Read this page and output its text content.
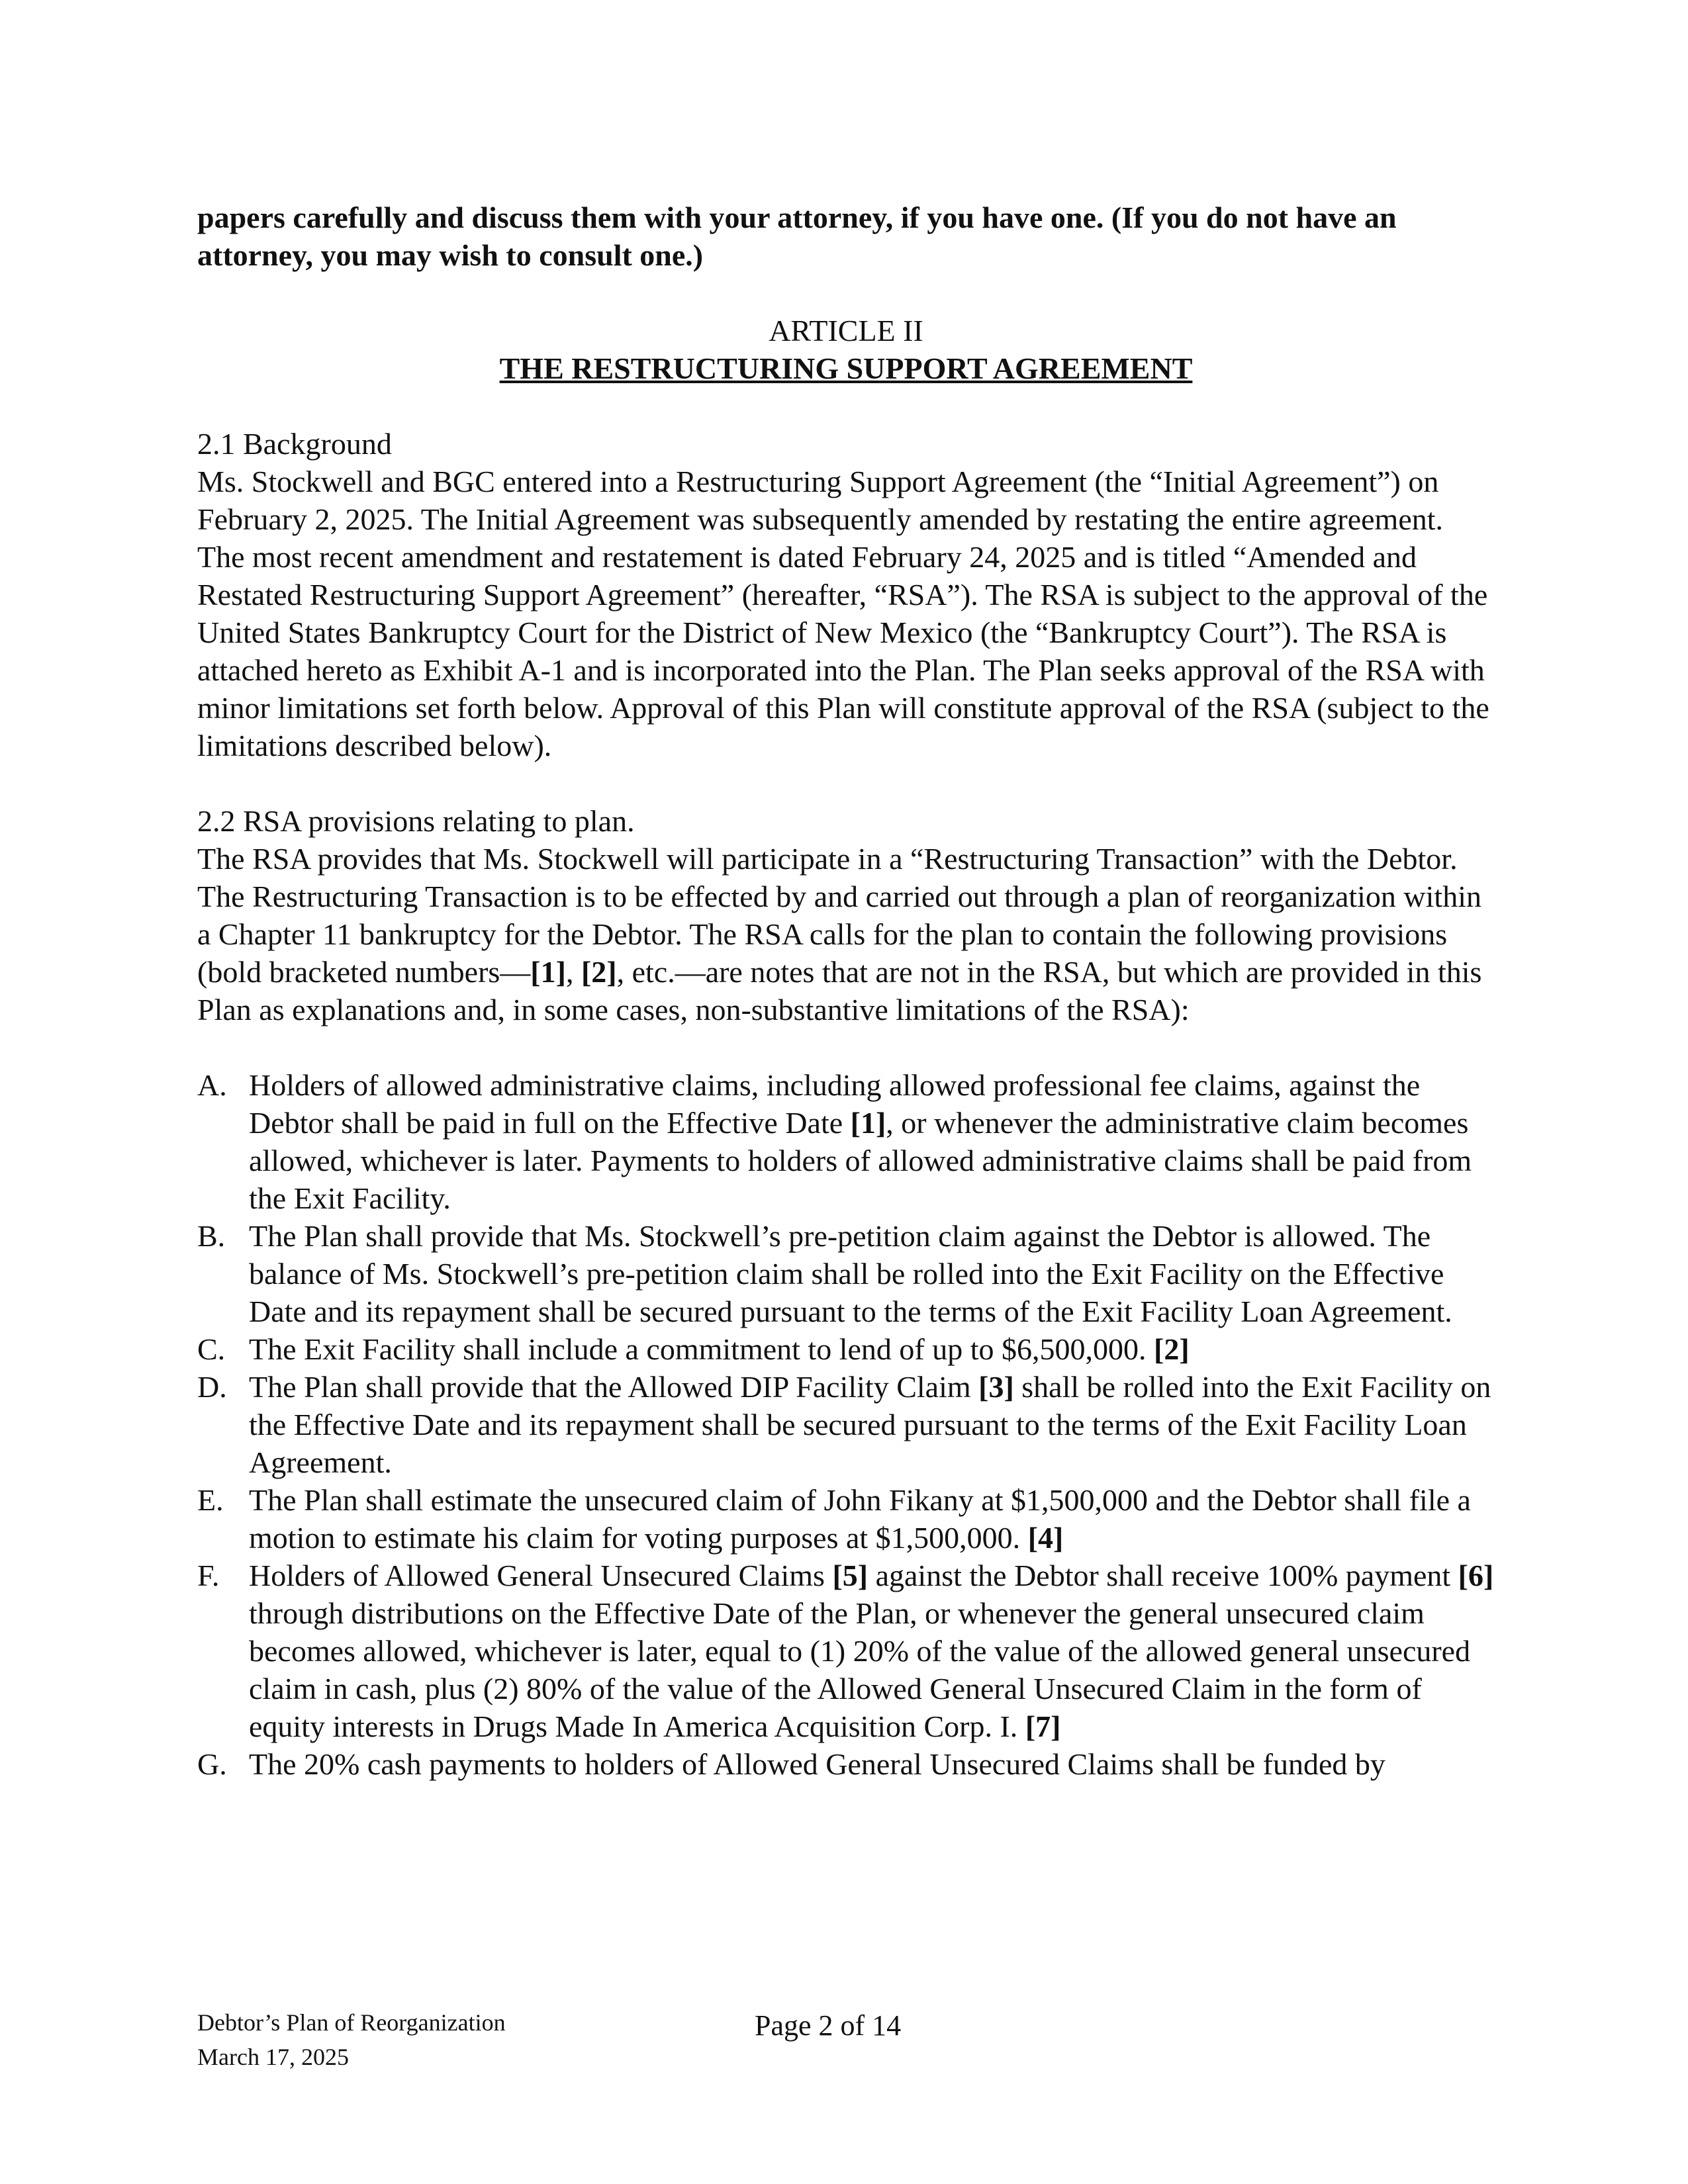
papers carefully and discuss them with your attorney, if you have one. (If you do not have an attorney, you may wish to consult one.)

ARTICLE II
THE RESTRUCTURING SUPPORT AGREEMENT
2.1 Background

Ms. Stockwell and BGC entered into a Restructuring Support Agreement (the “Initial Agreement”) on February 2, 2025. The Initial Agreement was subsequently amended by restating the entire agreement. The most recent amendment and restatement is dated February 24, 2025 and is titled “Amended and Restated Restructuring Support Agreement” (hereafter, “RSA”). The RSA is subject to the approval of the United States Bankruptcy Court for the District of New Mexico (the “Bankruptcy Court”). The RSA is attached hereto as Exhibit A-1 and is incorporated into the Plan. The Plan seeks approval of the RSA with minor limitations set forth below. Approval of this Plan will constitute approval of the RSA (subject to the limitations described below).

2.2 RSA provisions relating to plan.

The RSA provides that Ms. Stockwell will participate in a “Restructuring Transaction” with the Debtor. The Restructuring Transaction is to be effected by and carried out through a plan of reorganization within a Chapter 11 bankruptcy for the Debtor. The RSA calls for the plan to contain the following provisions (bold bracketed numbers—[1], [2], etc.—are notes that are not in the RSA, but which are provided in this Plan as explanations and, in some cases, non-substantive limitations of the RSA):

A. Holders of allowed administrative claims, including allowed professional fee claims, against the Debtor shall be paid in full on the Effective Date [1], or whenever the administrative claim becomes allowed, whichever is later. Payments to holders of allowed administrative claims shall be paid from the Exit Facility.
B. The Plan shall provide that Ms. Stockwell’s pre-petition claim against the Debtor is allowed. The balance of Ms. Stockwell’s pre-petition claim shall be rolled into the Exit Facility on the Effective Date and its repayment shall be secured pursuant to the terms of the Exit Facility Loan Agreement.
C. The Exit Facility shall include a commitment to lend of up to $6,500,000. [2]
D. The Plan shall provide that the Allowed DIP Facility Claim [3] shall be rolled into the Exit Facility on the Effective Date and its repayment shall be secured pursuant to the terms of the Exit Facility Loan Agreement.
E. The Plan shall estimate the unsecured claim of John Fikany at $1,500,000 and the Debtor shall file a motion to estimate his claim for voting purposes at $1,500,000. [4]
F. Holders of Allowed General Unsecured Claims [5] against the Debtor shall receive 100% payment [6] through distributions on the Effective Date of the Plan, or whenever the general unsecured claim becomes allowed, whichever is later, equal to (1) 20% of the value of the allowed general unsecured claim in cash, plus (2) 80% of the value of the Allowed General Unsecured Claim in the form of equity interests in Drugs Made In America Acquisition Corp. I. [7]
G. The 20% cash payments to holders of Allowed General Unsecured Claims shall be funded by
Debtor’s Plan of Reorganization
March 17, 2025
Page 2 of 14
